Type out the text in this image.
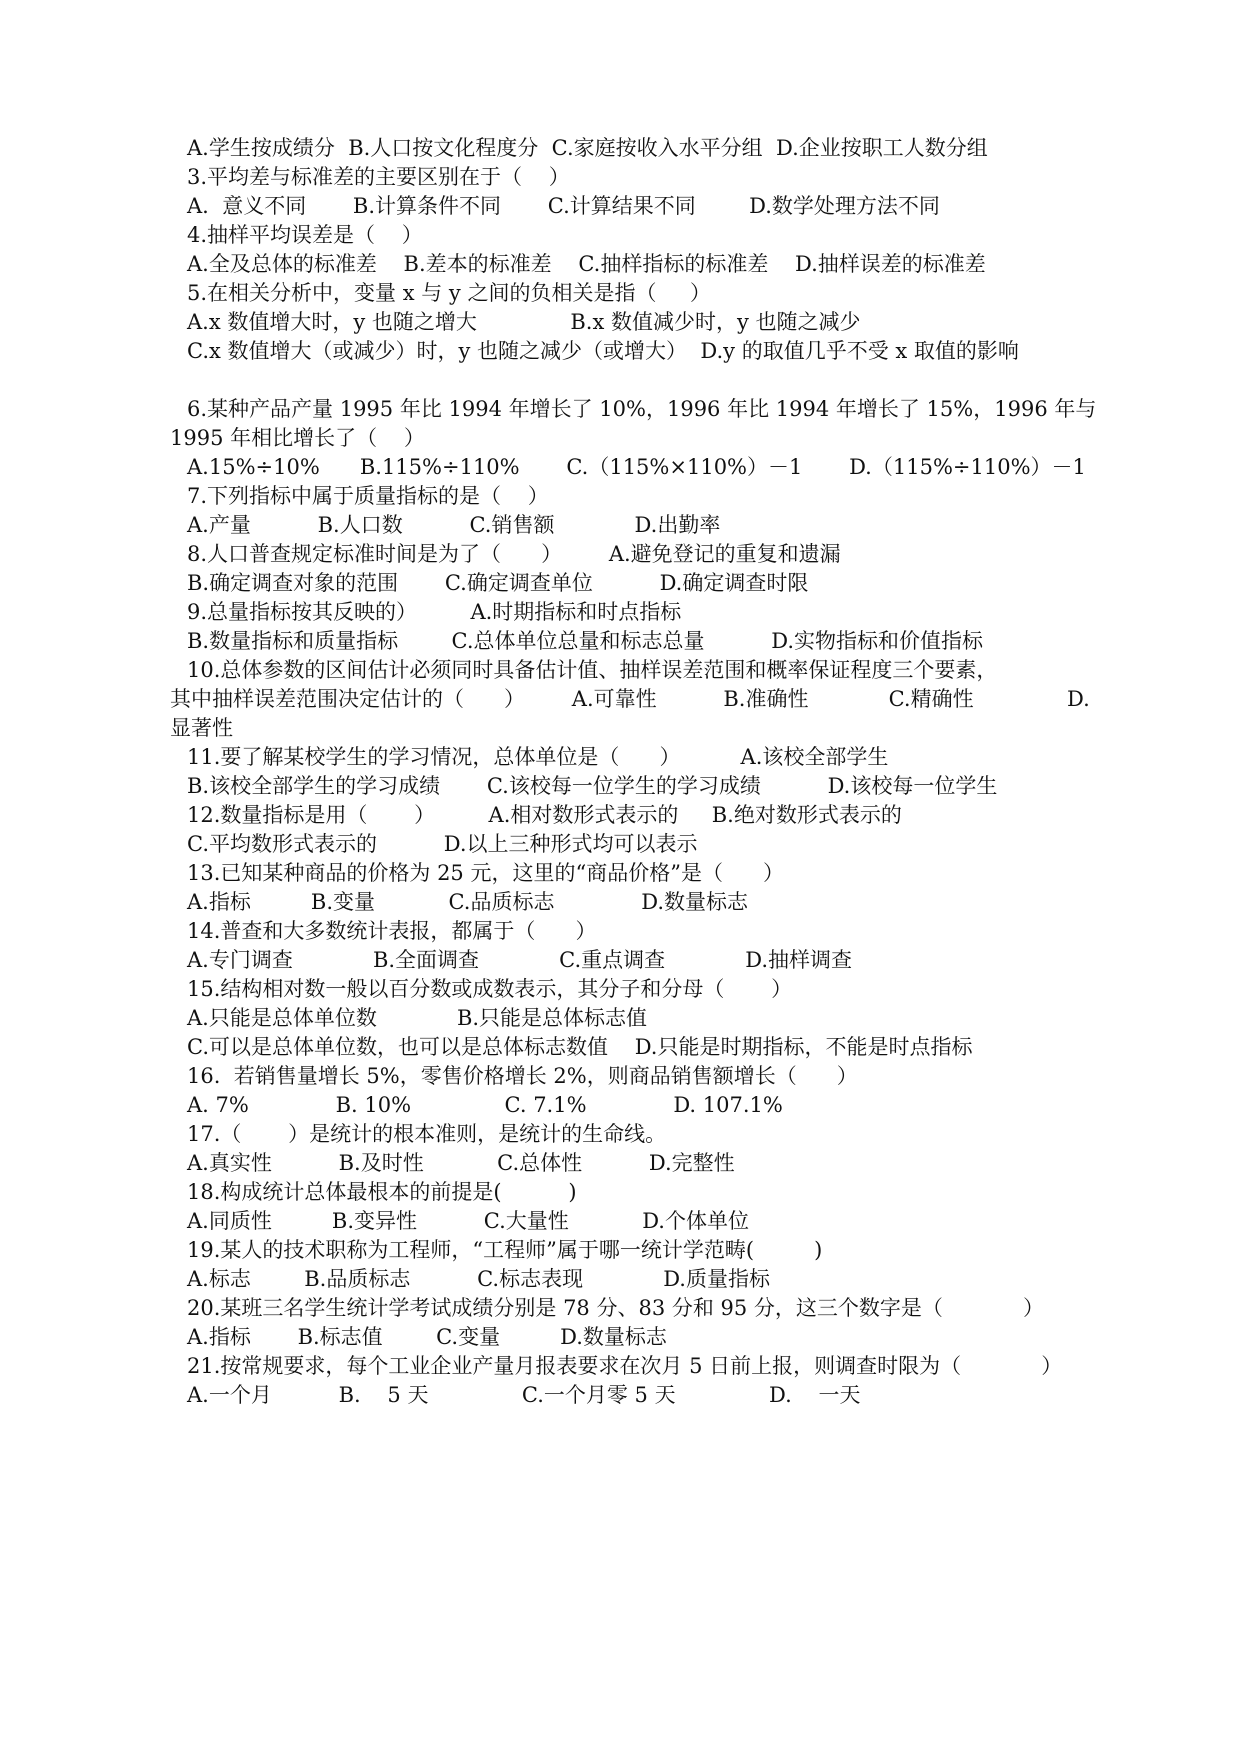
A.学生按成绩分  B.人口按文化程度分  C.家庭按收入水平分组  D.企业按职工人数分组
3.平均差与标准差的主要区别在于（    ）
A.  意义不同       B.计算条件不同       C.计算结果不同        D.数学处理方法不同
4.抽样平均误差是（    ）
A.全及总体的标准差    B.差本的标准差    C.抽样指标的标准差    D.抽样误差的标准差
5.在相关分析中，变量 x 与 y 之间的负相关是指（     ）
A.x 数值增大时，y 也随之增大              B.x 数值减少时，y 也随之减少
C.x 数值增大（或减少）时，y 也随之减少（或增大）  D.y 的取值几乎不受 x 取值的影响
6.某种产品产量 1995 年比 1994 年增长了 10%，1996 年比 1994 年增长了 15%，1996 年与
1995 年相比增长了（    ）
A.15%÷10%      B.115%÷110%       C.（115%×110%）－1       D.（115%÷110%）－1
7.下列指标中属于质量指标的是（    ）
A.产量          B.人口数          C.销售额            D.出勤率
8.人口普查规定标准时间是为了（      ）       A.避免登记的重复和遗漏
B.确定调查对象的范围       C.确定调查单位          D.确定调查时限
9.总量指标按其反映的）        A.时期指标和时点指标
B.数量指标和质量指标        C.总体单位总量和标志总量          D.实物指标和价值指标
10.总体参数的区间估计必须同时具备估计值、抽样误差范围和概率保证程度三个要素，
其中抽样误差范围决定估计的（      ）       A.可靠性          B.准确性            C.精确性              D.
显著性
11.要了解某校学生的学习情况，总体单位是（      ）         A.该校全部学生
B.该校全部学生的学习成绩       C.该校每一位学生的学习成绩          D.该校每一位学生
12.数量指标是用（       ）        A.相对数形式表示的     B.绝对数形式表示的
C.平均数形式表示的          D.以上三种形式均可以表示
13.已知某种商品的价格为 25 元，这里的“商品价格”是（      ）
A.指标         B.变量           C.品质标志             D.数量标志
14.普查和大多数统计表报，都属于（      ）
A.专门调查            B.全面调查            C.重点调查            D.抽样调查
15.结构相对数一般以百分数或成数表示，其分子和分母（       ）
A.只能是总体单位数            B.只能是总体标志值
C.可以是总体单位数，也可以是总体标志数值    D.只能是时期指标，不能是时点指标
16.  若销售量增长 5%，零售价格增长 2%，则商品销售额增长（      ）
A. 7%             B. 10%              C. 7.1%             D. 107.1%
17.（       ）是统计的根本准则，是统计的生命线。
A.真实性          B.及时性           C.总体性          D.完整性
18.构成统计总体最根本的前提是(          )
A.同质性         B.变异性          C.大量性           D.个体单位
19.某人的技术职称为工程师，“工程师”属于哪一统计学范畴(         )
A.标志        B.品质标志          C.标志表现            D.质量指标
20.某班三名学生统计学考试成绩分别是 78 分、83 分和 95 分，这三个数字是（            ）
A.指标       B.标志值        C.变量         D.数量标志
21.按常规要求，每个工业企业产量月报表要求在次月 5 日前上报，则调查时限为（            ）
A.一个月          B.    5 天              C.一个月零 5 天              D.    一天
